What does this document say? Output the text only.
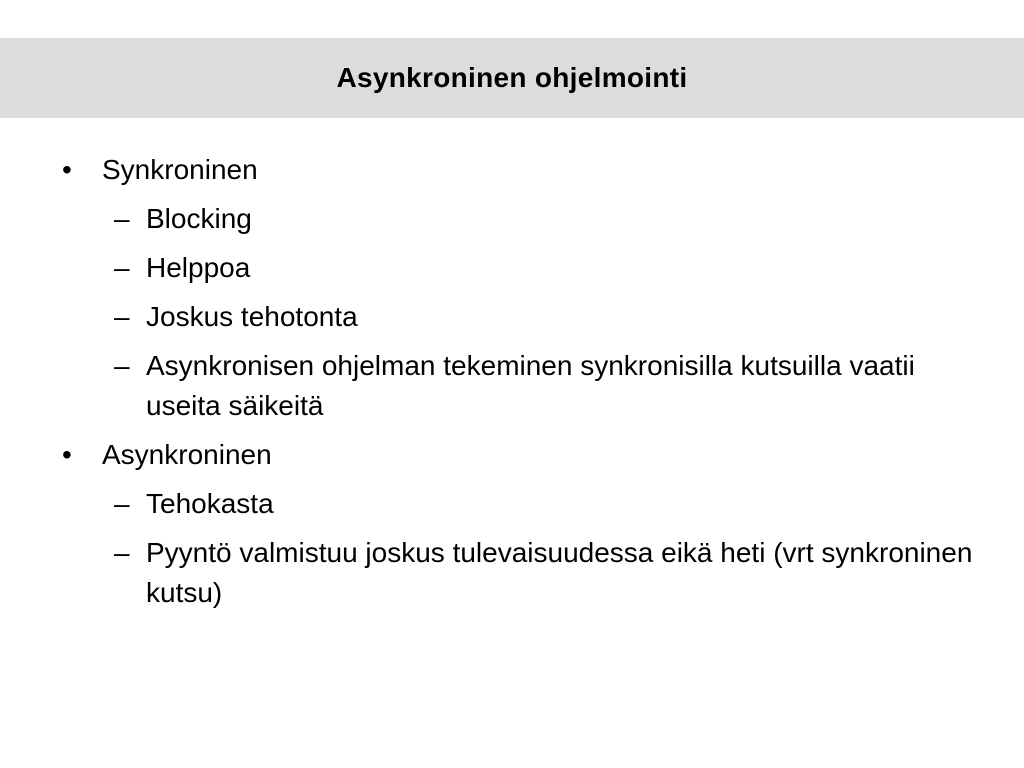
Asynkroninen ohjelmointi
• Synkroninen
– Blocking
– Helppoa
– Joskus tehotonta
– Asynkronisen ohjelman tekeminen synkronisilla kutsuilla vaatii useita säikeitä
• Asynkroninen
– Tehokasta
– Pyyntö valmistuu joskus tulevaisuudessa eikä heti (vrt synkroninen kutsu)
